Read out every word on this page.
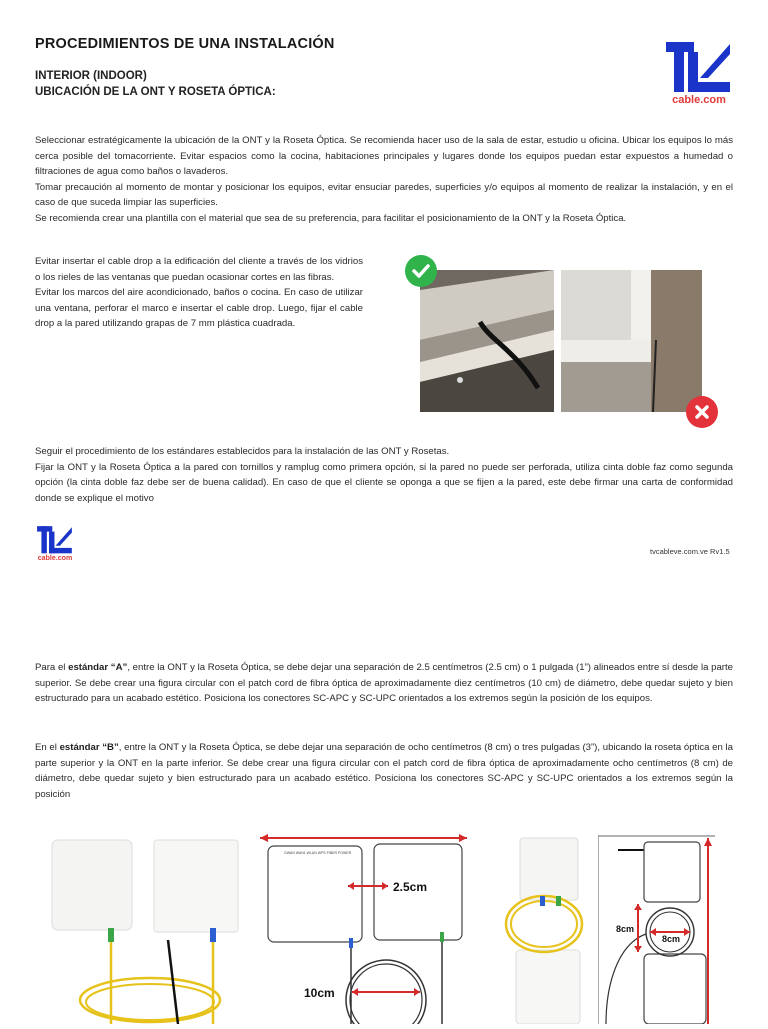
PROCEDIMIENTOS DE UNA INSTALACIÓN
INTERIOR (INDOOR)
UBICACIÓN DE LA ONT Y ROSETA ÓPTICA:
cable.com

Seleccionar estratégicamente la ubicación de la ONT y la Roseta Óptica. Se recomienda hacer uso de la sala de estar, estudio u oficina. Ubicar los equipos lo más cerca posible del tomacorriente. Evitar espacios como la cocina, habitaciones principales y lugares donde los equipos puedan estar expuestos a humedad o filtraciones de agua como baños o lavaderos.

Tomar precaución al momento de montar y posicionar los equipos, evitar ensuciar paredes, superficies y/o equipos al momento de realizar la instalación, y en el caso de que suceda limpiar las superficies.

Se recomienda crear una plantilla con el material que sea de su preferencia, para facilitar el posicionamiento de la ONT y la Roseta Óptica.

Evitar insertar el cable drop a la edificación del cliente a través de los vidrios o los rieles de las ventanas que puedan ocasionar cortes en las fibras.

Evitar los marcos del aire acondicionado, baños o cocina. En caso de utilizar una ventana, perforar el marco e insertar el cable drop. Luego, fijar el cable drop a la pared utilizando grapas de 7 mm plástica cuadrada.

Seguir el procedimiento de los estándares establecidos para la instalación de las ONT y Rosetas.

Fijar la ONT y la Roseta Óptica a la pared con tornillos y ramplug como primera opción, si la pared no puede ser perforada, utiliza cinta doble faz como segunda opción (la cinta doble faz debe ser de buena calidad). En caso de que el cliente se oponga a que se fijen a la pared, este debe firmar una carta de conformidad donde se explique el motivo

cable.com
tvcableve.com.ve Rv1.5

Para el estándar “A”, entre la ONT y la Roseta Óptica, se debe dejar una separación de 2.5 centímetros (2.5 cm) o 1 pulgada (1”) alineados entre sí desde la parte superior. Se debe crear una figura circular con el patch cord de fibra óptica de aproximadamente diez centímetros (10 cm) de diámetro, debe quedar sujeto y bien estructurado para un acabado estético. Posiciona los conectores SC-APC y SC-UPC orientados a los extremos según la posición de los equipos.

En el estándar “B”, entre la ONT y la Roseta Óptica, se debe dejar una separación de ocho centímetros (8 cm) o tres pulgadas (3”), ubicando la roseta óptica en la parte superior y la ONT en la parte inferior. Se debe crear una figura circular con el patch cord de fibra óptica de aproximadamente ocho centímetros (8 cm) de diámetro, debe quedar sujeto y bien estructurado para un acabado estético. Posiciona los conectores SC-APC y SC-UPC orientados a los extremos según la posición

GWAN WAN1 WLAN WPS FIBER POWER
2.5cm
10cm
8cm
8cm
